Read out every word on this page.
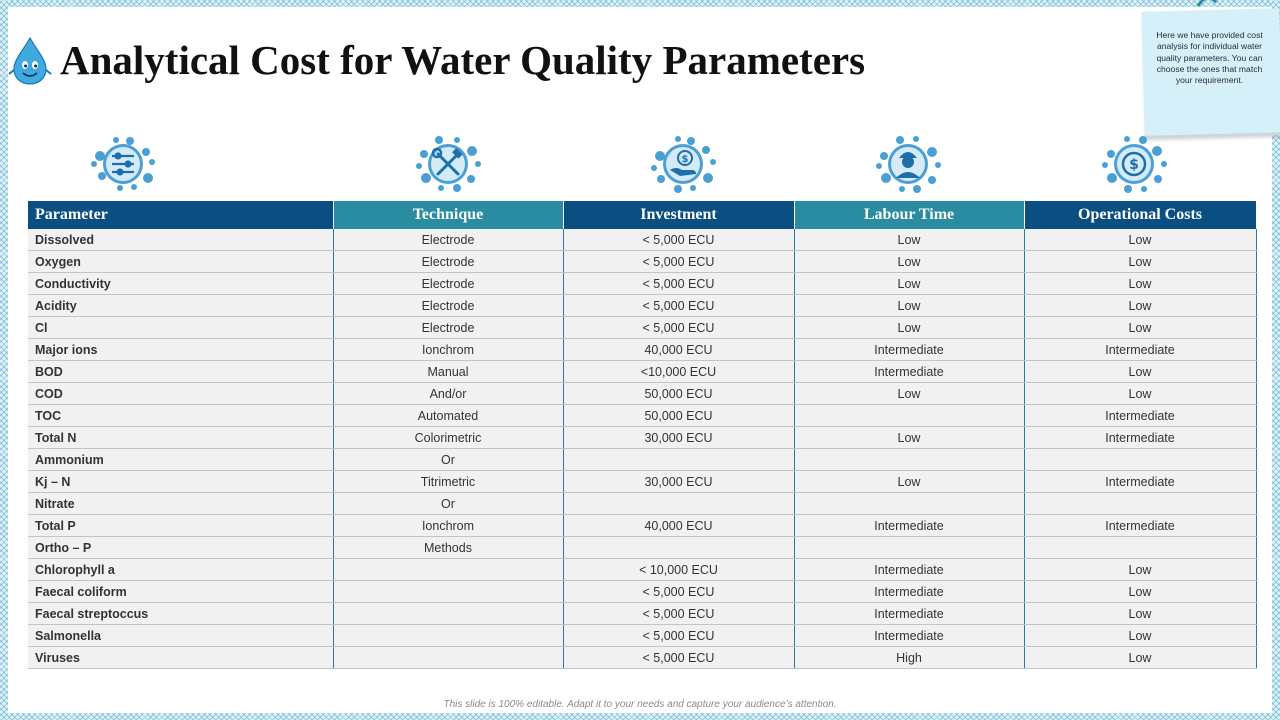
Analytical Cost for Water Quality Parameters
Here we have provided cost analysis for individual water quality parameters. You can choose the ones that match your requirement.
$	$
Parameter	Technique	Investment	Labour Time	Operational Costs
Dissolved	Electrode	< 5,000 ECU	Low	Low
Oxygen	Electrode	< 5,000 ECU	Low	Low
Conductivity	Electrode	< 5,000 ECU	Low	Low
Acidity	Electrode	< 5,000 ECU	Low	Low
Cl	Electrode	< 5,000 ECU	Low	Low
Major ions	Ionchrom	40,000 ECU	Intermediate	Intermediate
BOD	Manual	<10,000 ECU	Intermediate	Low
COD	And/or	50,000 ECU	Low	Low
TOC	Automated	50,000 ECU		Intermediate
Total N	Colorimetric	30,000 ECU	Low	Intermediate
Ammonium	Or			
Kj – N	Titrimetric	30,000 ECU	Low	Intermediate
Nitrate	Or			
Total P	Ionchrom	40,000 ECU	Intermediate	Intermediate
Ortho – P	Methods			
Chlorophyll a		< 10,000 ECU	Intermediate	Low
Faecal coliform		< 5,000 ECU	Intermediate	Low
Faecal streptoccus		< 5,000 ECU	Intermediate	Low
Salmonella		< 5,000 ECU	Intermediate	Low
Viruses		< 5,000 ECU	High	Low
This slide is 100% editable. Adapt it to your needs and capture your audience’s attention.
